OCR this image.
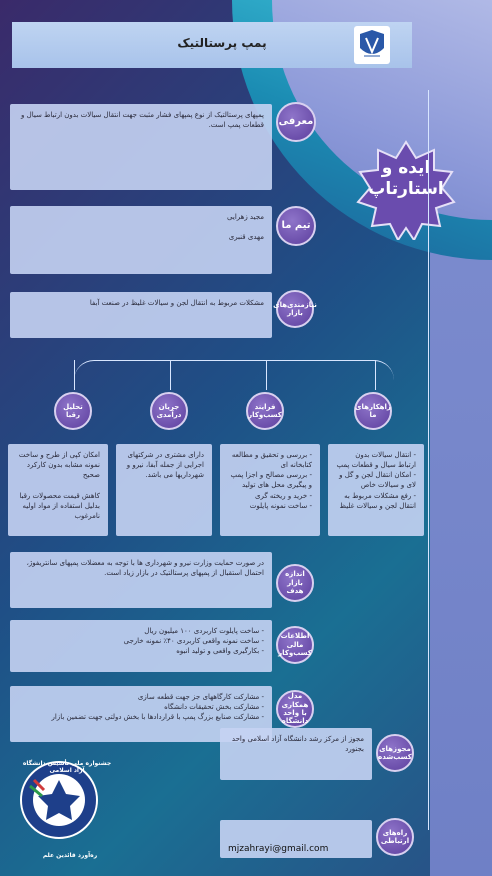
پمپ پرستالتیک
ایده و
استارتاپ
پمپهای پرستالتیک از نوع پمپهای فشار مثبت جهت انتقال سیالات بدون ارتباط سیال و قطعات پمپ است.	معرفی
مجید زهرایی

مهدی قنبری
تیم ما
مشکلات مربوط به انتقال لجن و سیالات غلیظ در صنعت آبفا	نیازمندی‌های بازار
تحلیل رقبا
جریان درآمدی
فرایند کسب‌وکار
راهکارهای ما
امکان کپی از طرح و ساخت نمونه مشابه بدون کارکرد صحیح

کاهش قیمت محصولات رقبا بدلیل استفاده از مواد اولیه نامرغوب
دارای مشتری در شرکتهای اجرایی از جمله آبفا، نیرو و شهرداریها می باشد.
- بررسی و تحقیق و مطالعه کتابخانه ای
- بررسی مصالح و اجزا پمپ و پیگیری محل های تولید
- خرید و ریخته گری
- ساخت نمونه پایلوت
- انتقال سیالات بدون ارتباط سیال و قطعات پمپ
- امکان انتقال لجن و گل و لای و سیالات خاص
- رفع مشکلات مربوط به انتقال لجن و سیالات غلیظ
در صورت حمایت وزارت نیرو و شهرداری ها با توجه به معضلات پمپهای سانتریفوژ، احتمال استقبال از پمپهای پرستالتیک در بازار زیاد است.	اندازه بازار هدف
- ساخت پایلوت کاربردی ۱۰۰ میلیون ریال
- ساخت نمونه واقعی کاربردی ۴۰٪ نمونه خارجی
- بکارگیری واقعی و تولید انبوه
اطلاعات مالی کسب‌وکار
- مشارکت کارگاههای جز جهت قطعه سازی
- مشارکت بخش تحقیقات دانشگاه
- مشارکت صنایع بزرگ پمپ با قراردادها با بخش دولتی جهت تضمین بازار
مدل همکاری با واحد دانشگاه
مجوز از مرکز رشد دانشگاه آزاد اسلامی واحد بجنورد	مجوزهای کسب‌شده

mjzahrayi@gmail.com

راه‌های ارتباطی
جشنواره ملی تأسیس دانشگاه آزاد اسلامی
ره‌آورد قائدین علم
